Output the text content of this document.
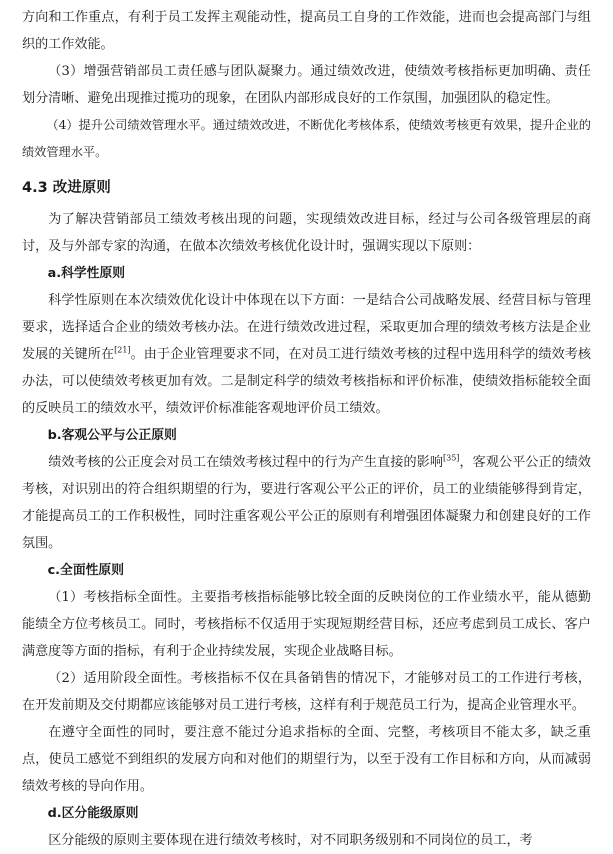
方向和工作重点，有利于员工发挥主观能动性，提高员工自身的工作效能，进而也会提高部门与组织的工作效能。

（3）增强营销部员工责任感与团队凝聚力。通过绩效改进，使绩效考核指标更加明确、责任划分清晰、避免出现推过揽功的现象，在团队内部形成良好的工作氛围，加强团队的稳定性。

（4）提升公司绩效管理水平。通过绩效改进，不断优化考核体系，使绩效考核更有效果，提升企业的绩效管理水平。

4.3 改进原则

为了解决营销部员工绩效考核出现的问题，实现绩效改进目标，经过与公司各级管理层的商讨，及与外部专家的沟通，在做本次绩效考核优化设计时，强调实现以下原则：

a.科学性原则

科学性原则在本次绩效优化设计中体现在以下方面：一是结合公司战略发展、经营目标与管理要求，选择适合企业的绩效考核办法。在进行绩效改进过程，采取更加合理的绩效考核方法是企业发展的关键所在[21]。由于企业管理要求不同，在对员工进行绩效考核的过程中选用科学的绩效考核办法，可以使绩效考核更加有效。二是制定科学的绩效考核指标和评价标准，使绩效指标能较全面的反映员工的绩效水平，绩效评价标准能客观地评价员工绩效。

b.客观公平与公正原则

绩效考核的公正度会对员工在绩效考核过程中的行为产生直接的影响[35]，客观公平公正的绩效考核，对识别出的符合组织期望的行为，要进行客观公平公正的评价，员工的业绩能够得到肯定，才能提高员工的工作积极性，同时注重客观公平公正的原则有利增强团体凝聚力和创建良好的工作氛围。

c.全面性原则

（1）考核指标全面性。主要指考核指标能够比较全面的反映岗位的工作业绩水平，能从德勤能绩全方位考核员工。同时，考核指标不仅适用于实现短期经营目标，还应考虑到员工成长、客户满意度等方面的指标，有利于企业持续发展，实现企业战略目标。

（2）适用阶段全面性。考核指标不仅在具备销售的情况下，才能够对员工的工作进行考核，在开发前期及交付期都应该能够对员工进行考核，这样有利于规范员工行为，提高企业管理水平。

在遵守全面性的同时，要注意不能过分追求指标的全面、完整，考核项目不能太多，缺乏重点，使员工感觉不到组织的发展方向和对他们的期望行为，以至于没有工作目标和方向，从而减弱绩效考核的导向作用。

d.区分能级原则

区分能级的原则主要体现在进行绩效考核时，对不同职务级别和不同岗位的员工，考
